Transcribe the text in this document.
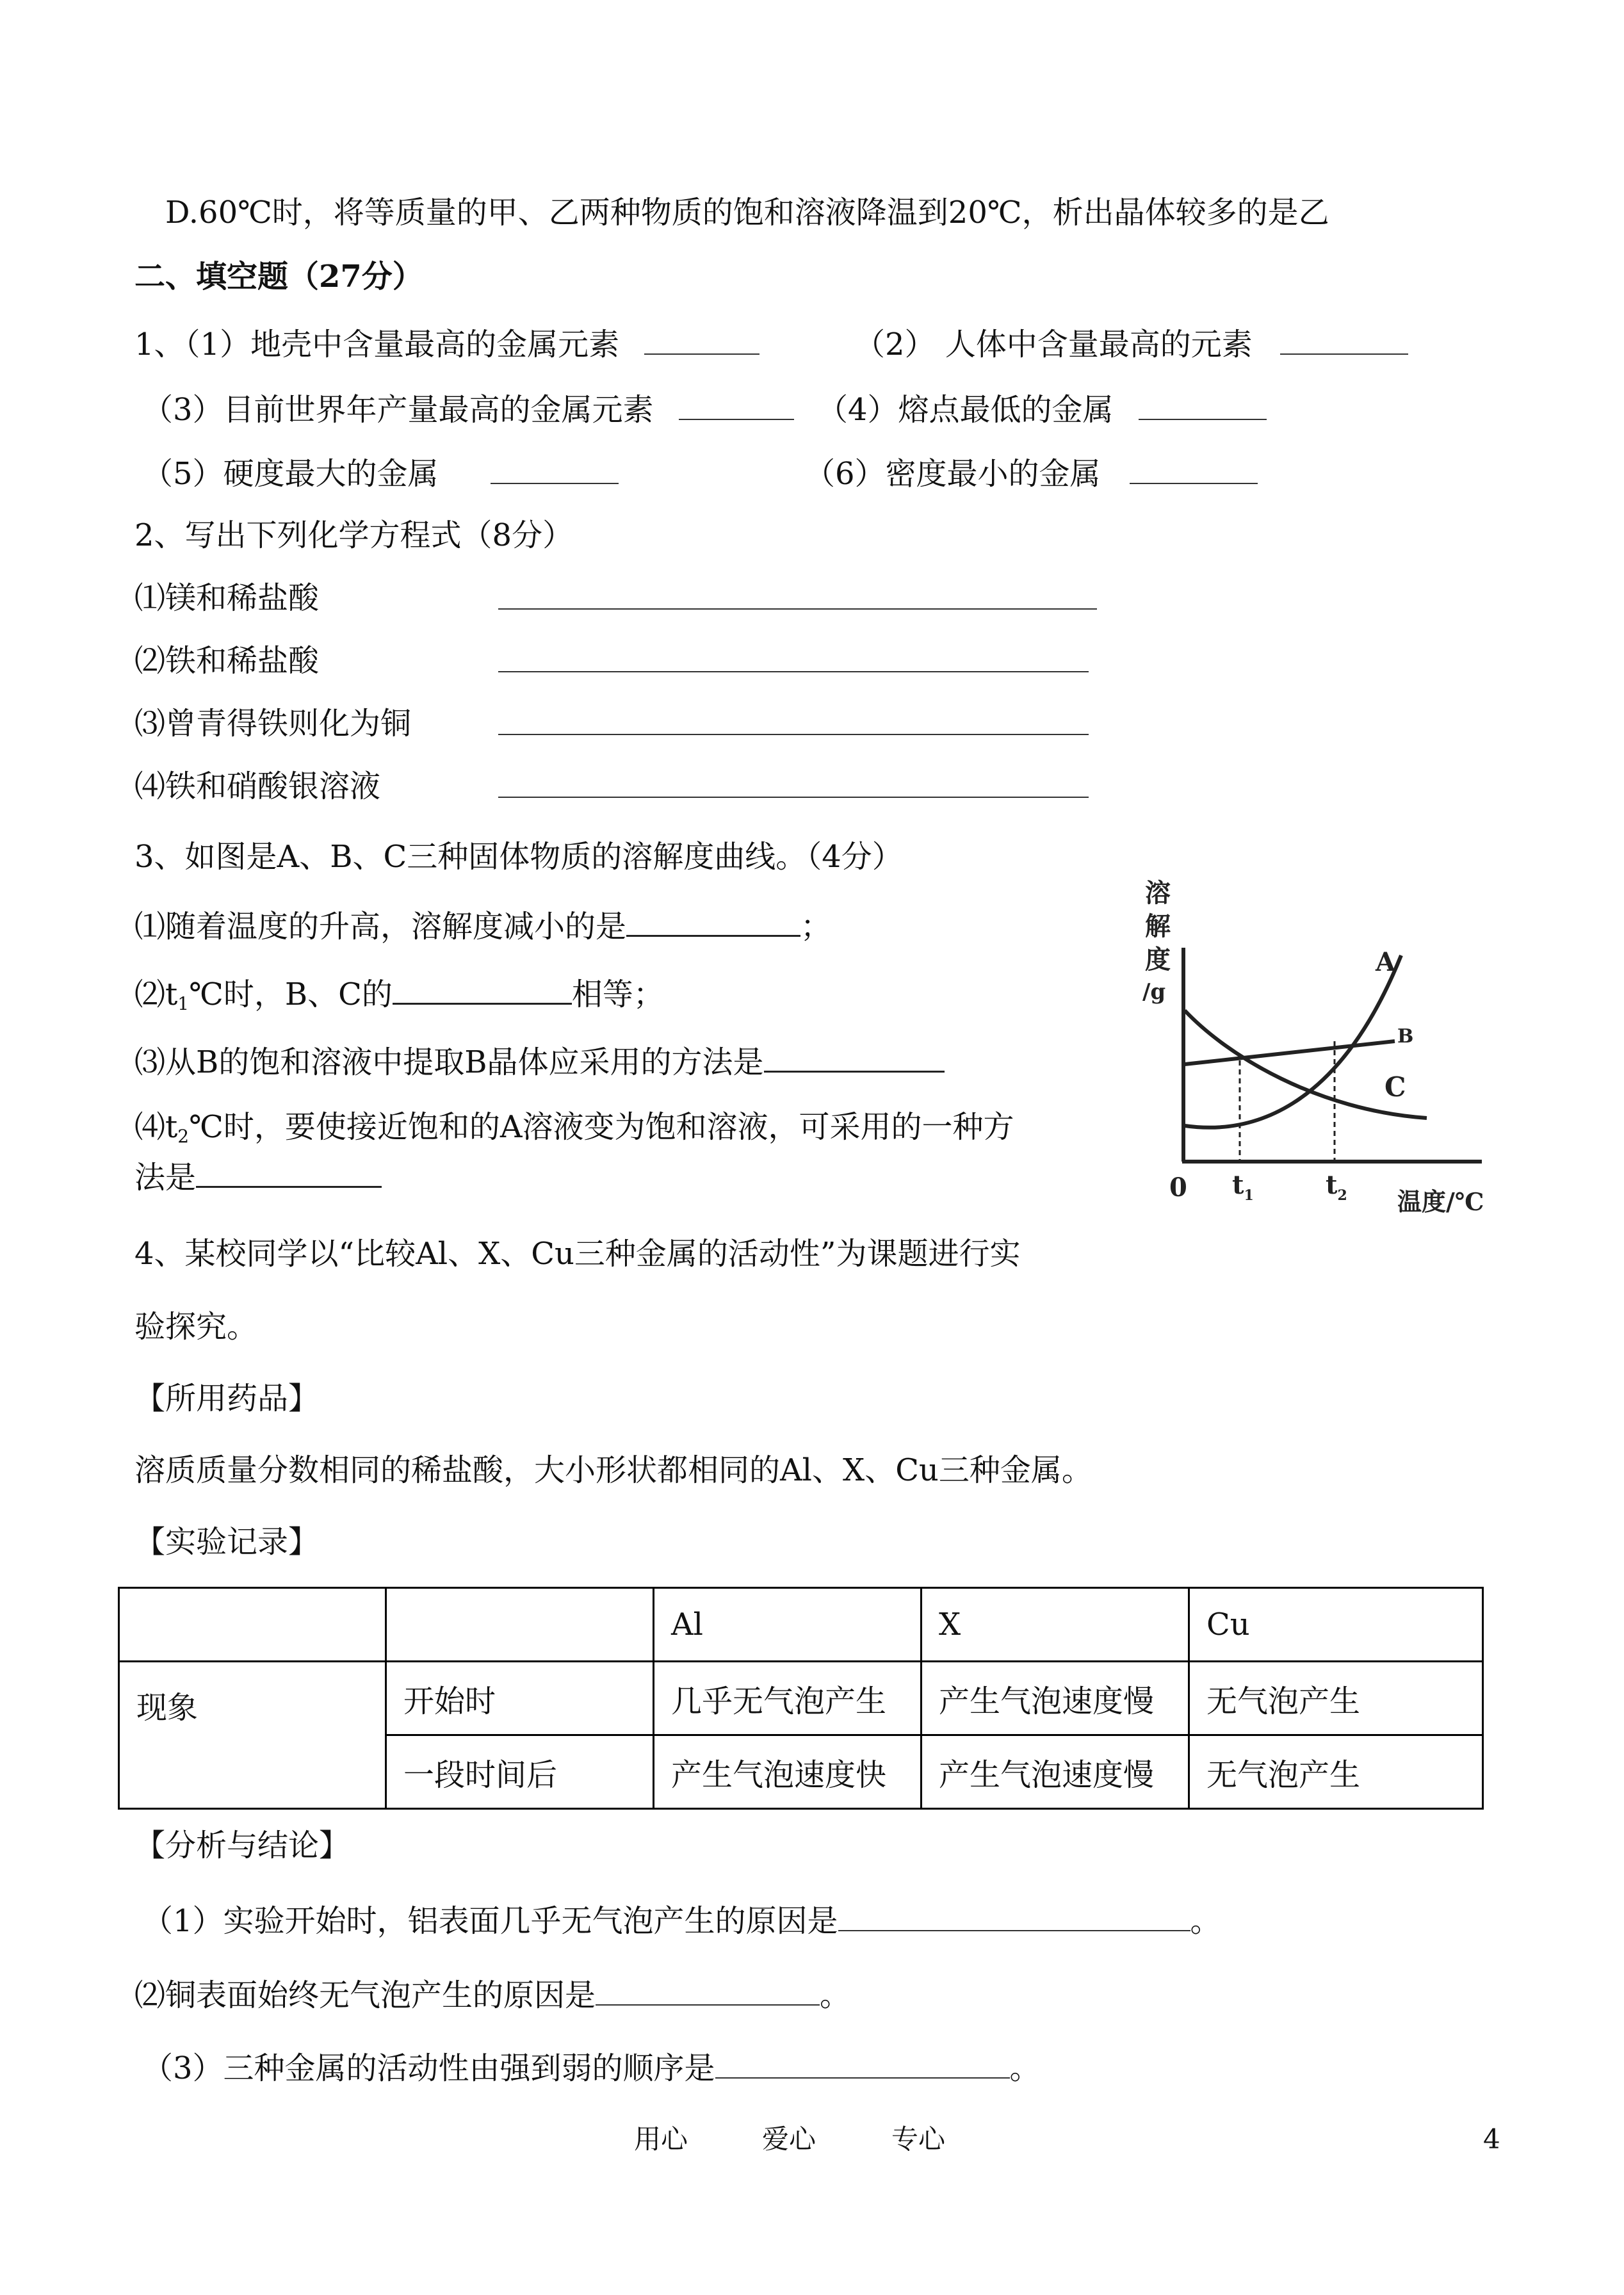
D.60℃时，将等质量的甲、乙两种物质的饱和溶液降温到20℃，析出晶体较多的是乙
二、填空题（27分）
1、（1）地壳中含量最高的金属元素	（2） 人体中含量最高的元素
（3）目前世界年产量最高的金属元素	（4）熔点最低的金属
（5）硬度最大的金属	（6）密度最小的金属
2、写出下列化学方程式（8分）
⑴镁和稀盐酸
⑵铁和稀盐酸
⑶曾青得铁则化为铜
⑷铁和硝酸银溶液
3、如图是A、B、C三种固体物质的溶解度曲线。（4分）
⑴随着温度的升高，溶解度减小的是	；
$⑵t_1℃$时，B、C的	相等；
⑶从B的饱和溶液中提取B晶体应采用的方法是
$⑷t_2℃$时，要使接近饱和的A溶液变为饱和溶液，可采用的一种方
法是
溶
解
度
/g
A
B
C
0 $t_1$	$t_2$ 温度/℃
4、某校同学以“比较Al、X、Cu三种金属的活动性”为课题进行实
验探究。
【所用药品】
溶质质量分数相同的稀盐酸，大小形状都相同的Al、X、Cu三种金属。
【实验记录】
		Al	X	Cu
现象	开始时	几乎无气泡产生	产生气泡速度慢	无气泡产生
	一段时间后	产生气泡速度快	产生气泡速度慢	无气泡产生
【分析与结论】
（1）实验开始时，铝表面几乎无气泡产生的原因是	。
⑵铜表面始终无气泡产生的原因是	。
（3）三种金属的活动性由强到弱的顺序是	。
用心	爱心	专心	4
